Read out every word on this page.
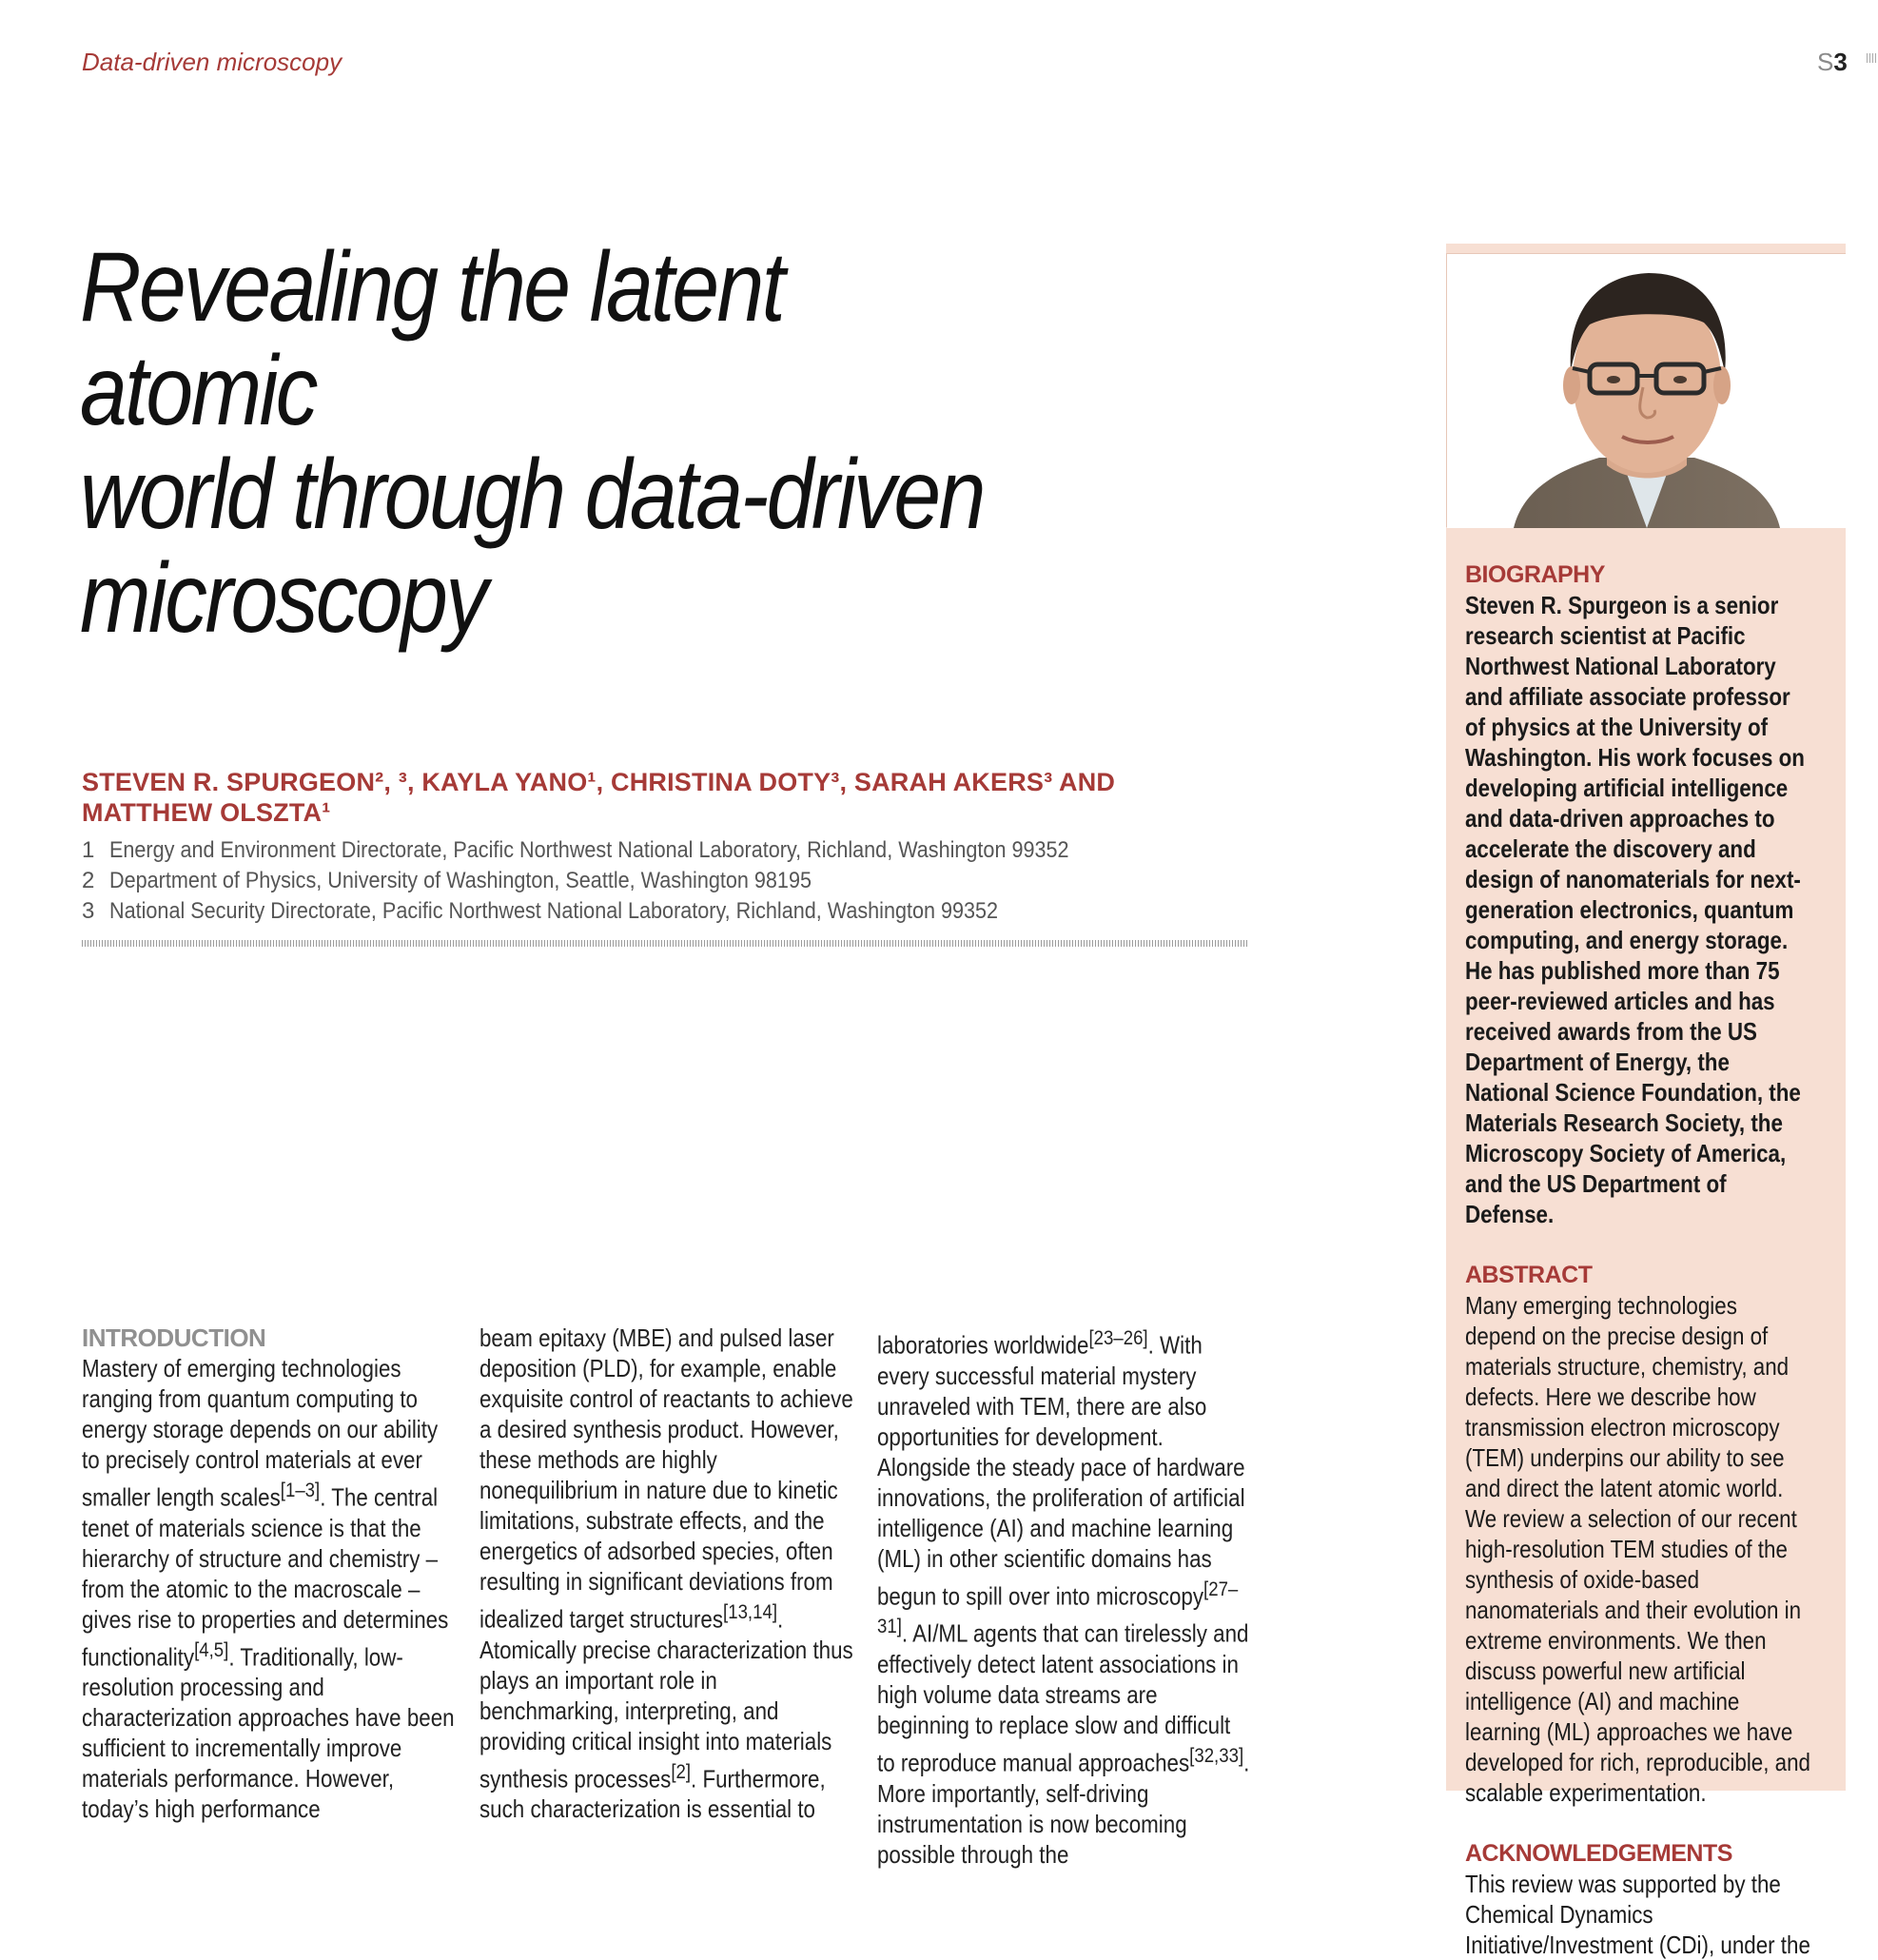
Data-driven microscopy	S3
Revealing the latent atomic
world through data-driven
microscopy
STEVEN R. SPURGEON², ³, KAYLA YANO¹, CHRISTINA DOTY³, SARAH AKERS³ AND
MATTHEW OLSZTA¹
1 Energy and Environment Directorate, Pacific Northwest National Laboratory, Richland, Washington 99352
2 Department of Physics, University of Washington, Seattle, Washington 98195
3 National Security Directorate, Pacific Northwest National Laboratory, Richland, Washington 99352
INTRODUCTION
Mastery of emerging technologies ranging from quantum computing to energy storage depends on our ability to precisely control materials at ever smaller length scales[1–3]. The central tenet of materials science is that the hierarchy of structure and chemistry – from the atomic to the macroscale – gives rise to properties and determines functionality[4,5]. Traditionally, low-resolution processing and characterization approaches have been sufficient to incrementally improve materials performance. However, today’s high performance
beam epitaxy (MBE) and pulsed laser deposition (PLD), for example, enable exquisite control of reactants to achieve a desired synthesis product. However, these methods are highly nonequilibrium in nature due to kinetic limitations, substrate effects, and the energetics of adsorbed species, often resulting in significant deviations from idealized target structures[13,14]. Atomically precise characterization thus plays an important role in benchmarking, interpreting, and providing critical insight into materials synthesis processes[2]. Furthermore, such characterization is essential to
laboratories worldwide[23–26]. With every successful material mystery unraveled with TEM, there are also opportunities for development. Alongside the steady pace of hardware innovations, the proliferation of artificial intelligence (AI) and machine learning (ML) in other scientific domains has begun to spill over into microscopy[27–31]. AI/ML agents that can tirelessly and effectively detect latent associations in high volume data streams are beginning to replace slow and difficult to reproduce manual approaches[32,33]. More importantly, self-driving instrumentation is now becoming possible through the
BIOGRAPHY
Steven R. Spurgeon is a senior research scientist at Pacific Northwest National Laboratory and affiliate associate professor of physics at the University of Washington. His work focuses on developing artificial intelligence and data-driven approaches to accelerate the discovery and design of nanomaterials for next-generation electronics, quantum computing, and energy storage. He has published more than 75 peer-reviewed articles and has received awards from the US Department of Energy, the National Science Foundation, the Materials Research Society, the Microscopy Society of America, and the US Department of Defense.
ABSTRACT
Many emerging technologies depend on the precise design of materials structure, chemistry, and defects. Here we describe how transmission electron microscopy (TEM) underpins our ability to see and direct the latent atomic world. We review a selection of our recent high-resolution TEM studies of the synthesis of oxide-based nanomaterials and their evolution in extreme environments. We then discuss powerful new artificial intelligence (AI) and machine learning (ML) approaches we have developed for rich, reproducible, and scalable experimentation.
ACKNOWLEDGEMENTS
This review was supported by the Chemical Dynamics Initiative/Investment (CDi), under the
